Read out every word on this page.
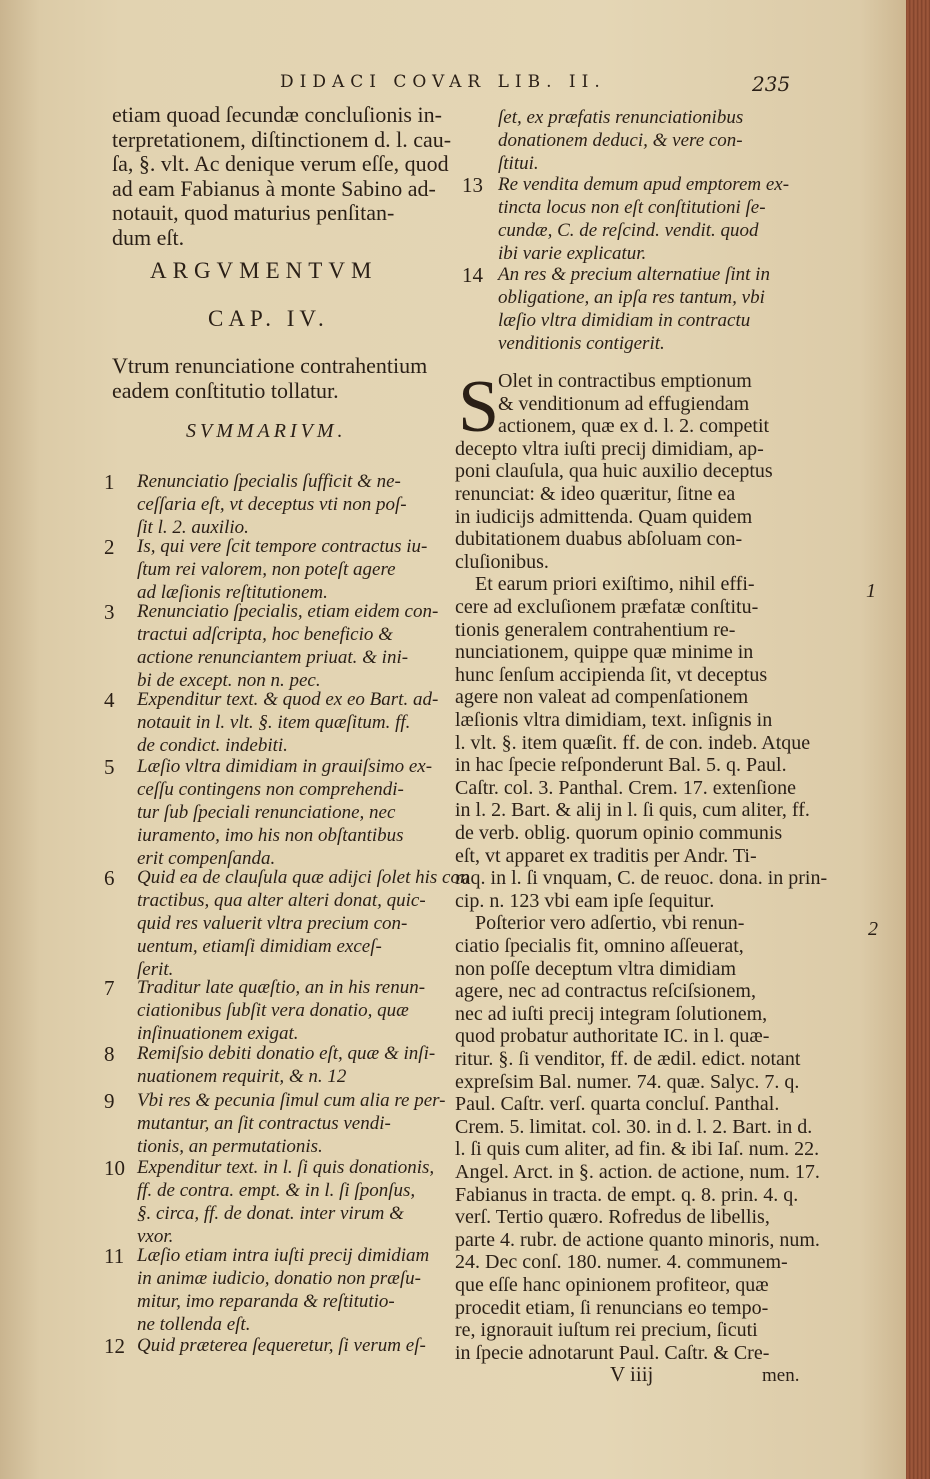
DIDACI COVAR LIB. II.	235
etiam quoad ſecundæ concluſionis in-
terpretationem, diſtinctionem d. l. cau-
ſa, §. vlt. Ac denique verum eſſe, quod
ad eam Fabianus à monte Sabino ad-
notauit, quod maturius penſitan-
dum eſt.
ARGVMENTVM
CAP. IV.
Vtrum renunciatione contrahentium
eadem conſtitutio tollatur.
SVMMARIVM.
1 Renunciatio ſpecialis ſufficit & ne-
ceſſaria eſt, vt deceptus vti non poſ-
ſit l. 2. auxilio.
2 Is, qui vere ſcit tempore contractus iu-
ſtum rei valorem, non poteſt agere
ad læſionis reſtitutionem.
3 Renunciatio ſpecialis, etiam eidem con-
tractui adſcripta, hoc beneficio &
actione renunciantem priuat. & ini-
bi de except. non n. pec.
4 Expenditur text. & quod ex eo Bart. ad-
notauit in l. vlt. §. item quæſitum. ff.
de condict. indebiti.
5 Læſio vltra dimidiam in grauiſsimo ex-
ceſſu contingens non comprehendi-
tur ſub ſpeciali renunciatione, nec
iuramento, imo his non obſtantibus
erit compenſanda.
6 Quid ea de clauſula quæ adijci ſolet his con
tractibus, qua alter alteri donat, quic-
quid res valuerit vltra precium con-
uentum, etiamſi dimidiam exceſ-
ſerit.
7 Traditur late quæſtio, an in his renun-
ciationibus ſubſit vera donatio, quæ
inſinuationem exigat.
8 Remiſsio debiti donatio eſt, quæ & inſi-
nuationem requirit, & n. 12
9 Vbi res & pecunia ſimul cum alia re per-
mutantur, an ſit contractus vendi-
tionis, an permutationis.
10 Expenditur text. in l. ſi quis donationis,
ff. de contra. empt. & in l. ſi ſponſus,
§. circa, ff. de donat. inter virum &
vxor.
11 Læſio etiam intra iuſti precij dimidiam
in animæ iudicio, donatio non præſu-
mitur, imo reparanda & reſtitutio-
ne tollenda eſt.
12 Quid præterea ſequeretur, ſi verum eſ-
ſet, ex præfatis renunciationibus
donationem deduci, & vere con-
ſtitui.
13 Re vendita demum apud emptorem ex-
tincta locus non eſt conſtitutioni ſe-
cundæ, C. de reſcind. vendit. quod
ibi varie explicatur.
14 An res & precium alternatiue ſint in
obligatione, an ipſa res tantum, vbi
læſio vltra dimidiam in contractu
venditionis contigerit.
S
Olet in contractibus emptionum
& venditionum ad effugiendam
actionem, quæ ex d. l. 2. competit
decepto vltra iuſti precij dimidiam, ap-
poni clauſula, qua huic auxilio deceptus
renunciat: & ideo quæritur, ſitne ea
in iudicijs admittenda. Quam quidem
dubitationem duabus abſoluam con-
cluſionibus.
Et earum priori exiſtimo, nihil effi-
cere ad excluſionem præfatæ conſtitu-
tionis generalem contrahentium re-
nunciationem, quippe quæ minime in
hunc ſenſum accipienda ſit, vt deceptus
agere non valeat ad compenſationem
læſionis vltra dimidiam, text. inſignis in
l. vlt. §. item quæſit. ff. de con. indeb. Atque
in hac ſpecie reſponderunt Bal. 5. q. Paul.
Caſtr. col. 3. Panthal. Crem. 17. extenſione
in l. 2. Bart. & alij in l. ſi quis, cum aliter, ff.
de verb. oblig. quorum opinio communis
eſt, vt apparet ex traditis per Andr. Ti-
raq. in l. ſi vnquam, C. de reuoc. dona. in prin-
cip. n. 123 vbi eam ipſe ſequitur.
Poſterior vero adſertio, vbi renun-
ciatio ſpecialis fit, omnino aſſeuerat,
non poſſe deceptum vltra dimidiam
agere, nec ad contractus reſciſsionem,
nec ad iuſti precij integram ſolutionem,
quod probatur authoritate IC. in l. quæ-
ritur. §. ſi venditor, ff. de ædil. edict. notant
expreſsim Bal. numer. 74. quæ. Salyc. 7. q.
Paul. Caſtr. verſ. quarta concluſ. Panthal.
Crem. 5. limitat. col. 30. in d. l. 2. Bart. in d.
l. ſi quis cum aliter, ad fin. & ibi Iaſ. num. 22.
Angel. Arct. in §. action. de actione, num. 17.
Fabianus in tracta. de empt. q. 8. prin. 4. q.
verſ. Tertio quæro. Rofredus de libellis,
parte 4. rubr. de actione quanto minoris, num.
24. Dec conſ. 180. numer. 4. communem-
que eſſe hanc opinionem profiteor, quæ
procedit etiam, ſi renuncians eo tempo-
re, ignorauit iuſtum rei precium, ſicuti
in ſpecie adnotarunt Paul. Caſtr. & Cre-
1
2
V iiij	men.
